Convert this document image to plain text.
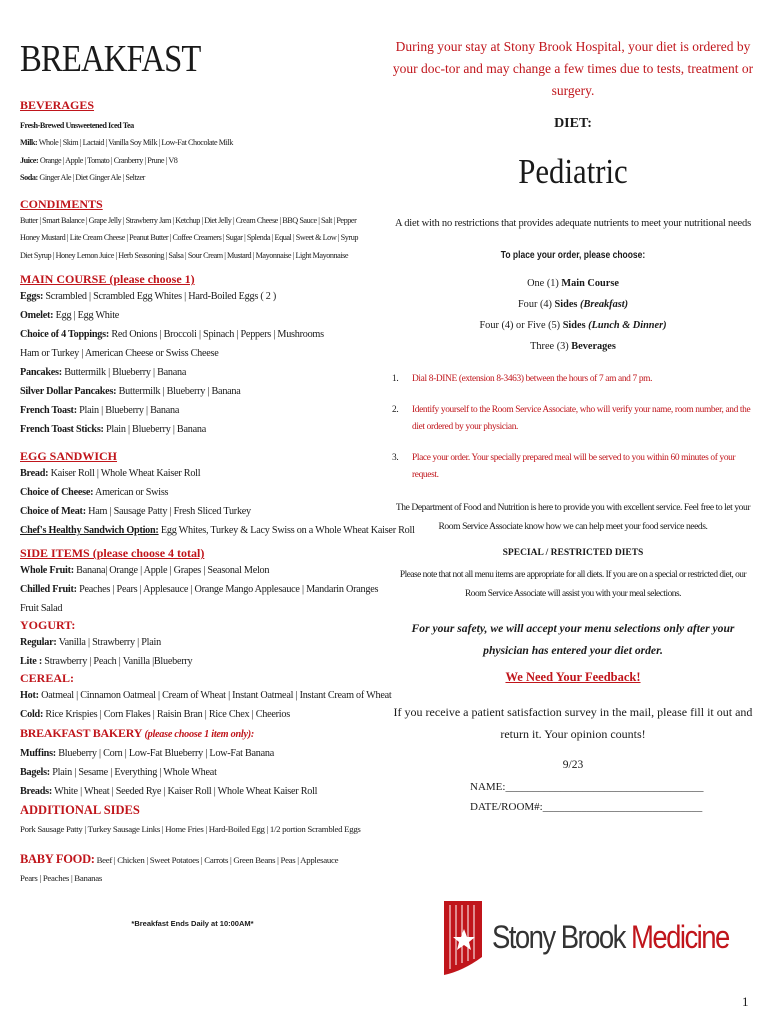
BREAKFAST
BEVERAGES
Fresh-Brewed Unsweetened Iced Tea
Milk: Whole | Skim | Lactaid | Vanilla Soy Milk | Low-Fat Chocolate Milk
Juice: Orange | Apple | Tomato | Cranberry | Prune | V8
Soda: Ginger Ale | Diet Ginger Ale | Seltzer
CONDIMENTS
Butter | Smart Balance | Grape Jelly | Strawberry Jam | Ketchup | Diet Jelly | Cream Cheese | BBQ Sauce | Salt | Pepper
Honey Mustard | Lite Cream Cheese | Peanut Butter | Coffee Creamers | Sugar | Splenda | Equal | Sweet & Low | Syrup
Diet Syrup | Honey Lemon Juice | Herb Seasoning | Salsa | Sour Cream | Mustard | Mayonnaise | Light Mayonnaise
MAIN COURSE (please choose 1)
Eggs: Scrambled | Scrambled Egg Whites | Hard-Boiled Eggs ( 2 )
Omelet: Egg | Egg White
Choice of 4 Toppings: Red Onions | Broccoli | Spinach | Peppers | Mushrooms
Ham or Turkey | American Cheese or Swiss Cheese
Pancakes: Buttermilk | Blueberry | Banana
Silver Dollar Pancakes: Buttermilk | Blueberry | Banana
French Toast: Plain | Blueberry | Banana
French Toast Sticks: Plain | Blueberry | Banana
EGG SANDWICH
Bread: Kaiser Roll | Whole Wheat Kaiser Roll
Choice of Cheese: American or Swiss
Choice of Meat: Ham | Sausage Patty | Fresh Sliced Turkey
Chef's Healthy Sandwich Option: Egg Whites, Turkey & Lacy Swiss on a Whole Wheat Kaiser Roll
SIDE ITEMS (please choose 4 total)
Whole Fruit: Banana| Orange | Apple | Grapes | Seasonal Melon
Chilled Fruit: Peaches | Pears | Applesauce | Orange Mango Applesauce | Mandarin Oranges
Fruit Salad
YOGURT:
Regular: Vanilla | Strawberry | Plain
Lite : Strawberry | Peach | Vanilla |Blueberry
CEREAL:
Hot: Oatmeal | Cinnamon Oatmeal | Cream of Wheat | Instant Oatmeal | Instant Cream of Wheat
Cold: Rice Krispies | Corn Flakes | Raisin Bran | Rice Chex | Cheerios
BREAKFAST BAKERY (please choose 1 item only):
Muffins: Blueberry | Corn | Low-Fat Blueberry | Low-Fat Banana
Bagels: Plain | Sesame | Everything | Whole Wheat
Breads: White | Wheat | Seeded Rye | Kaiser Roll | Whole Wheat Kaiser Roll
ADDITIONAL SIDES
Pork Sausage Patty | Turkey Sausage Links | Home Fries | Hard-Boiled Egg | 1/2 portion Scrambled Eggs
BABY FOOD: Beef | Chicken | Sweet Potatoes | Carrots | Green Beans | Peas | Applesauce
Pears | Peaches | Bananas
*Breakfast Ends Daily at 10:00AM*

During your stay at Stony Brook Hospital, your diet is ordered by your doc-tor and may change a few times due to tests, treatment or surgery.

DIET:
Pediatric
A diet with no restrictions that provides adequate nutrients to meet your nutritional needs
To place your order, please choose:
One (1) Main Course
Four (4) Sides (Breakfast)
Four (4) or Five (5) Sides (Lunch & Dinner)
Three (3) Beverages
1.	Dial 8-DINE (extension 8-3463) between the hours of 7 am and 7 pm.
2.	Identify yourself to the Room Service Associate, who will verify your name, room number, and the diet ordered by your physician.
3.	Place your order. Your specially prepared meal will be served to you within 60 minutes of your request.
The Department of Food and Nutrition is here to provide you with excellent service. Feel free to let your Room Service Associate know how we can help meet your food service needs.
SPECIAL / RESTRICTED DIETS
Please note that not all menu items are appropriate for all diets. If you are on a special or restricted diet, our Room Service Associate will assist you with your meal selections.
For your safety, we will accept your menu selections only after your physician has entered your diet order.
We Need Your Feedback!
If you receive a patient satisfaction survey in the mail, please fill it out and return it. Your opinion counts!
9/23
NAME:____________________________________
DATE/ROOM#:_____________________________
Stony Brook Medicine
1
